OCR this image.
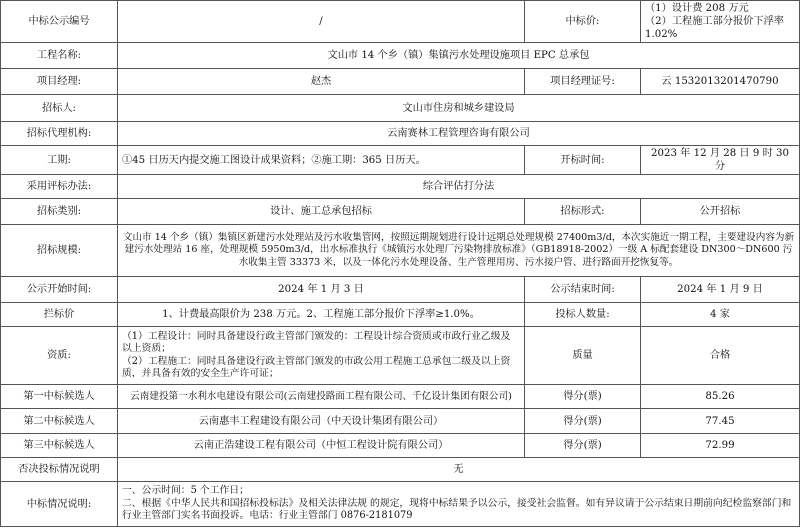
中标公示编号	/	中标价:	（1）设计费 208 万元
（2）工程施工部分报价下浮率 1.02%
工程名称:	文山市 14 个乡（镇）集镇污水处理设施项目 EPC 总承包		
项目经理:	赵杰	项目经理证号:	云 1532013201470790
招标人:	文山市住房和城乡建设局		
招标代理机构:	云南赛林工程管理咨询有限公司		
工期:	①45 日历天内提交施工图设计成果资料；②施工期：365 日历天。	开标时间:	2023 年 12 月 28 日 9 时 30 分
采用评标办法:	综合评估打分法		
招标类别:	设计、施工总承包招标	招标形式:	公开招标
招标规模:	文山市 14 个乡（镇）集镇区新建污水处理站及污水收集管网，按照远期规划进行设计远期总处理规模 27400m3/d，本次实施近一期工程，主要建设内容为新建污水处理站 16 座，处理规模 5950m3/d，出水标准执行《城镇污水处理厂污染物排放标准》（GB18918-2002）一级 A 标配套建设 DN300～DN600 污水收集主管 33373 米，以及一体化污水处理设备、生产管理用房、污水接户管、进行路面开挖恢复等。		
公示开始时间:	2024 年 1 月 3 日	公示结束时间:	2024 年 1 月 9 日
拦标价	1、计费最高限价为 238 万元。2、工程施工部分报价下浮率≥1.0%。	投标人数量:	4 家
资质:	（1）工程设计：同时具备建设行政主管部门颁发的：工程设计综合资质或市政行业乙级及以上资质；
（2）工程施工：同时具备建设行政主管部门颁发的市政公用工程施工总承包二级及以上资质，并具备有效的安全生产许可证；	质量	合格
第一中标候选人	云南建投第一水利水电建设有限公司(云南建投路面工程有限公司、千亿设计集团有限公司)	得分(票)	85.26
第二中标候选人	云南惠丰工程建设有限公司（中天设计集团有限公司）	得分(票)	77.45
第三中标候选人	云南正浩建设工程有限公司（中恒工程设计院有限公司）	得分(票)	72.99
否决投标情况说明	无		
中标情况说明:	一、公示时间：5 个工作日；
二、根据《中华人民共和国招标投标法》及相关法律法规 的规定，现将中标结果予以公示，接受社会监督。如有异议请于公示结束日期前向纪检监察部门和行业主管部门实名书面投诉。电话：行业主管部门 0876-2181079		
